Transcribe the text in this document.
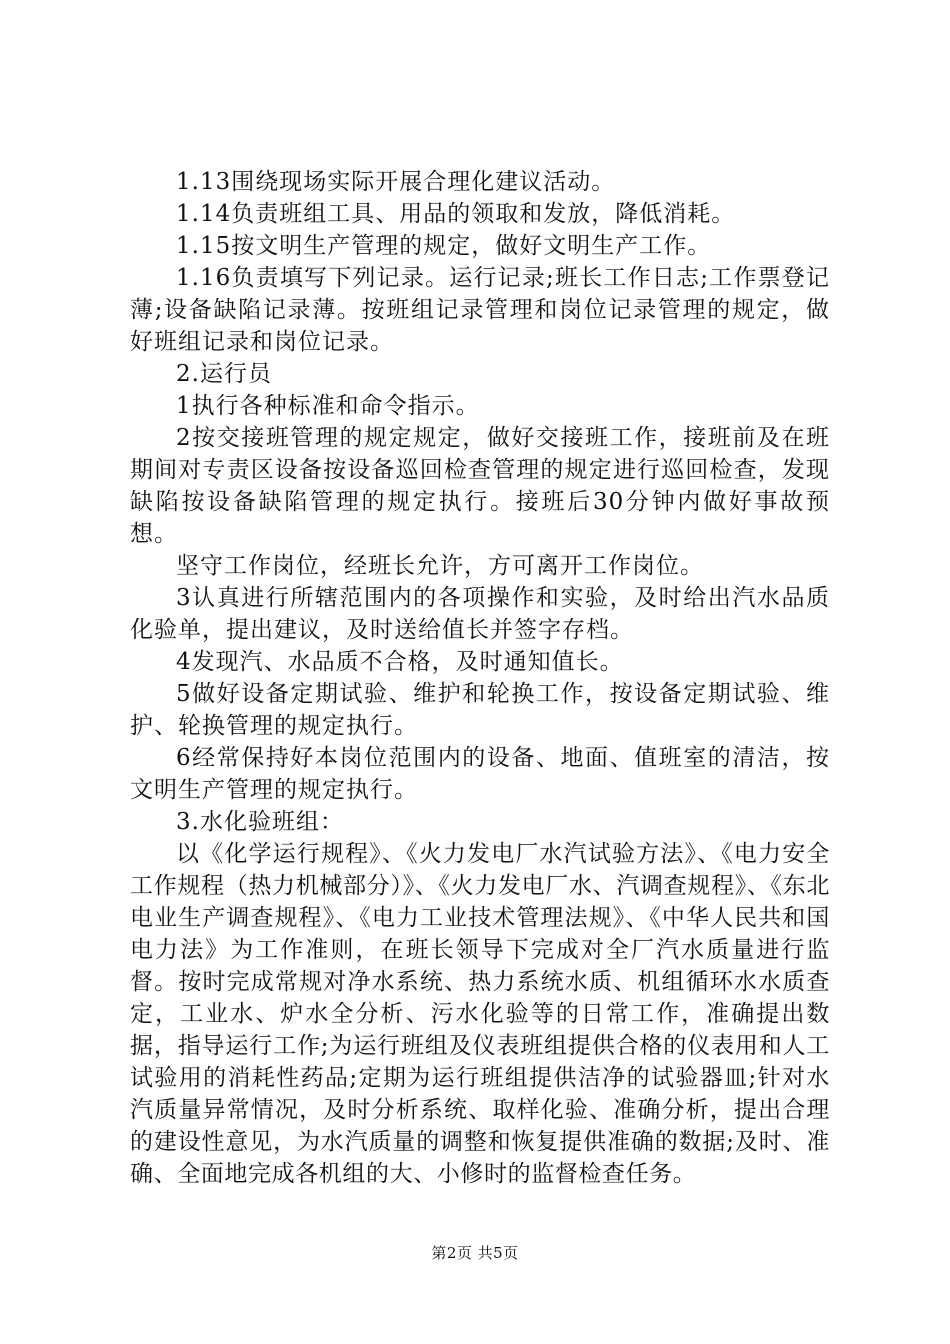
1.13围绕现场实际开展合理化建议活动。

1.14负责班组工具、用品的领取和发放，降低消耗。

1.15按文明生产管理的规定，做好文明生产工作。

1.16负责填写下列记录。运行记录;班长工作日志;工作票登记薄;设备缺陷记录薄。按班组记录管理和岗位记录管理的规定，做好班组记录和岗位记录。

2.运行员

1执行各种标准和命令指示。

2按交接班管理的规定规定，做好交接班工作，接班前及在班期间对专责区设备按设备巡回检查管理的规定进行巡回检查，发现缺陷按设备缺陷管理的规定执行。接班后30分钟内做好事故预想。

坚守工作岗位，经班长允许，方可离开工作岗位。

3认真进行所辖范围内的各项操作和实验，及时给出汽水品质化验单，提出建议，及时送给值长并签字存档。

4发现汽、水品质不合格，及时通知值长。

5做好设备定期试验、维护和轮换工作，按设备定期试验、维护、轮换管理的规定执行。

6经常保持好本岗位范围内的设备、地面、值班室的清洁，按文明生产管理的规定执行。

3.水化验班组：

以《化学运行规程》、《火力发电厂水汽试验方法》、《电力安全工作规程（热力机械部分）》、《火力发电厂水、汽调查规程》、《东北电业生产调查规程》、《电力工业技术管理法规》、《中华人民共和国电力法》为工作准则，在班长领导下完成对全厂汽水质量进行监督。按时完成常规对净水系统、热力系统水质、机组循环水水质查定，工业水、炉水全分析、污水化验等的日常工作，准确提出数据，指导运行工作;为运行班组及仪表班组提供合格的仪表用和人工试验用的消耗性药品;定期为运行班组提供洁净的试验器皿;针对水汽质量异常情况，及时分析系统、取样化验、准确分析，提出合理的建设性意见，为水汽质量的调整和恢复提供准确的数据;及时、准确、全面地完成各机组的大、小修时的监督检查任务。

第2页 共5页
